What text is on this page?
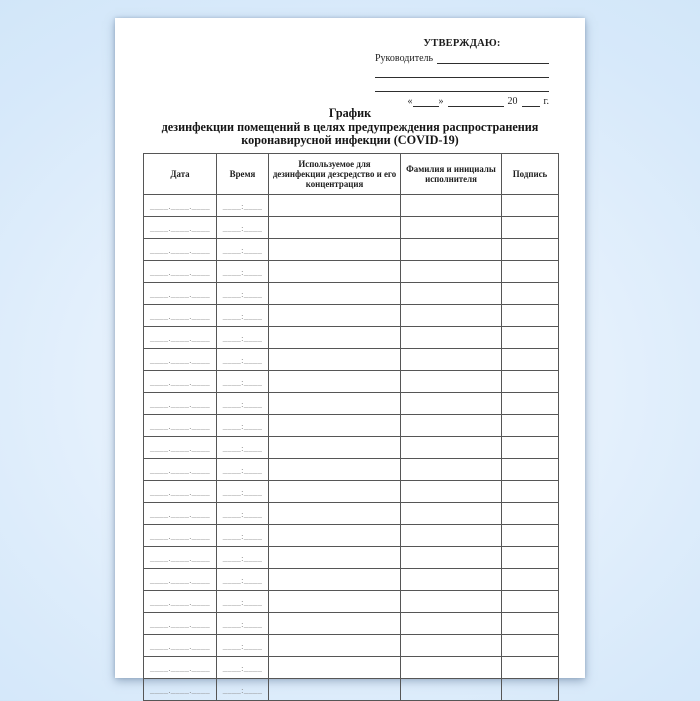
УТВЕРЖДАЮ:
Руководитель
«	»	20	г.
График
дезинфекции помещений в целях предупреждения распространения
коронавирусной инфекции (COVID-19)
Дата	Время	Используемое для дезинфекции дезсредство и его концентрация	Фамилия и инициалы исполнителя	Подпись
____.____.____	____:____			
____.____.____	____:____			
____.____.____	____:____			
____.____.____	____:____			
____.____.____	____:____			
____.____.____	____:____			
____.____.____	____:____			
____.____.____	____:____			
____.____.____	____:____			
____.____.____	____:____			
____.____.____	____:____			
____.____.____	____:____			
____.____.____	____:____			
____.____.____	____:____			
____.____.____	____:____			
____.____.____	____:____			
____.____.____	____:____			
____.____.____	____:____			
____.____.____	____:____			
____.____.____	____:____			
____.____.____	____:____			
____.____.____	____:____			
____.____.____	____:____			
